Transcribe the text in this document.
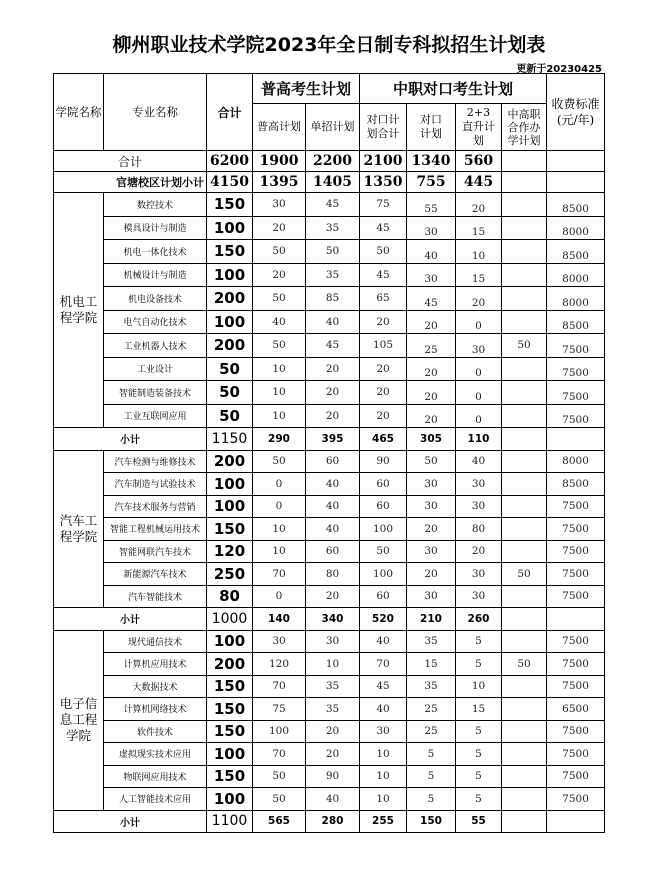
柳州职业技术学院2023年全日制专科拟招生计划表
更新于20230425
学院名称	专业名称	合计	普高考生计划		中职对口考生计划				收费标准(元/年)
			普高计划	单招计划	对口计划合计	对口计划	2+3直升计划	中高职合作办学计划	
合计		6200	1900	2200	2100	1340	560		
官塘校区计划小计		4150	1395	1405	1350	755	445		
机电工程学院	数控技术	150	30	45	75	55	20		8500
	模具设计与制造	100	20	35	45	30	15		8000
	机电一体化技术	150	50	50	50	40	10		8500
	机械设计与制造	100	20	35	45	30	15		8000
	机电设备技术	200	50	85	65	45	20		8000
	电气自动化技术	100	40	40	20	20	0		8500
	工业机器人技术	200	50	45	105	25	30	50	7500
	工业设计	50	10	20	20	20	0		7500
	智能制造装备技术	50	10	20	20	20	0		7500
	工业互联网应用	50	10	20	20	20	0		7500
小计		1150	290	395	465	305	110		
汽车工程学院	汽车检测与维修技术	200	50	60	90	50	40		8000
	汽车制造与试验技术	100	0	40	60	30	30		8500
	汽车技术服务与营销	100	0	40	60	30	30		7500
	智能工程机械运用技术	150	10	40	100	20	80		7500
	智能网联汽车技术	120	10	60	50	30	20		7500
	新能源汽车技术	250	70	80	100	20	30	50	7500
	汽车智能技术	80	0	20	60	30	30		7500
小计		1000	140	340	520	210	260		
电子信息工程学院	现代通信技术	100	30	30	40	35	5		7500
	计算机应用技术	200	120	10	70	15	5	50	7500
	大数据技术	150	70	35	45	35	10		7500
	计算机网络技术	150	75	35	40	25	15		6500
	软件技术	150	100	20	30	25	5		7500
	虚拟现实技术应用	100	70	20	10	5	5		7500
	物联网应用技术	150	50	90	10	5	5		7500
	人工智能技术应用	100	50	40	10	5	5		7500
小计		1100	565	280	255	150	55		
